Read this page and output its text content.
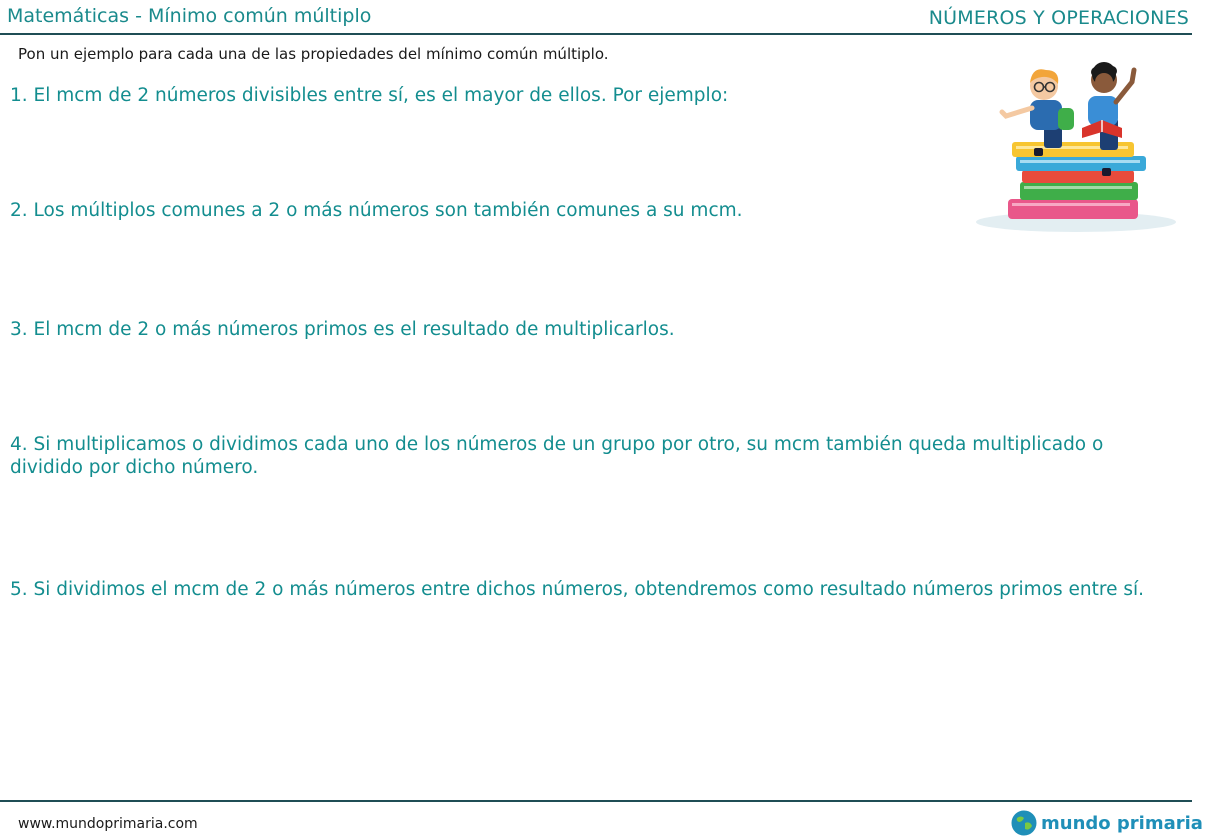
Matemáticas - Mínimo común múltiplo	NÚMEROS Y OPERACIONES
Pon un ejemplo para cada una de las propiedades del mínimo común múltiplo.
1. El mcm de 2 números divisibles entre sí, es el mayor de ellos. Por ejemplo:
2. Los múltiplos comunes a 2 o más números son también comunes a su mcm.
3. El mcm de 2 o más números primos es el resultado de multiplicarlos.
4. Si multiplicamos o dividimos cada uno de los números de un grupo por otro, su mcm también queda multiplicado o dividido por dicho número.
5. Si dividimos el mcm de 2 o más números entre dichos números, obtendremos como resultado números primos entre sí.
www.mundoprimaria.com	mundo primaria
